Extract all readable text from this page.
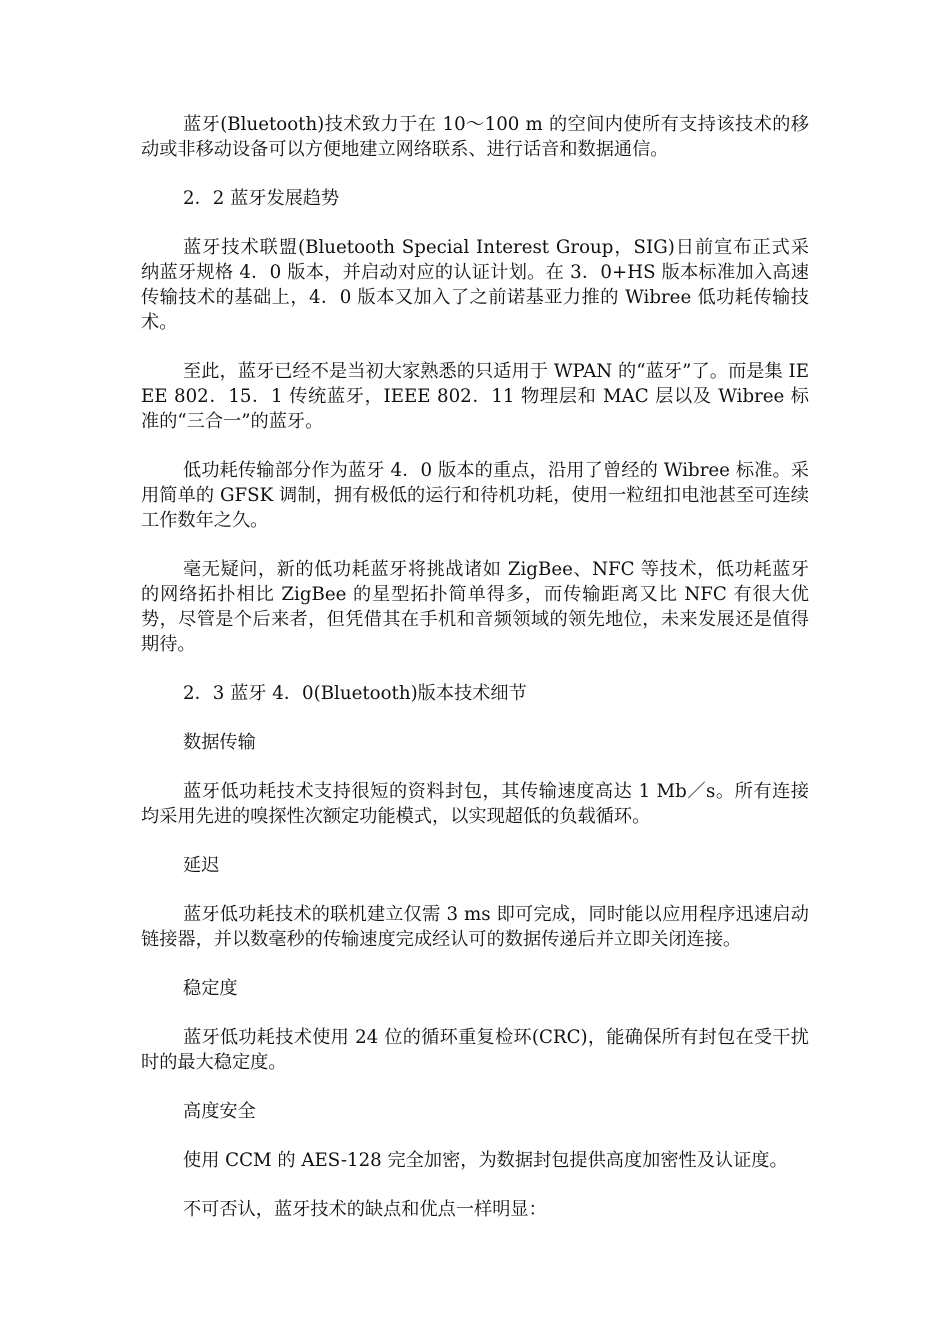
蓝牙(Bluetooth)技术致力于在 10～100 m 的空间内使所有支持该技术的移动或非移动设备可以方便地建立网络联系、进行话音和数据通信。

2．2 蓝牙发展趋势

蓝牙技术联盟(Bluetooth Special Interest Group，SIG)日前宣布正式采纳蓝牙规格 4．0 版本，并启动对应的认证计划。在 3．0+HS 版本标准加入高速传输技术的基础上，4．0 版本又加入了之前诺基亚力推的 Wibree 低功耗传输技术。

至此，蓝牙已经不是当初大家熟悉的只适用于 WPAN 的“蓝牙”了。而是集 IEEE 802．15．1 传统蓝牙，IEEE 802．11 物理层和 MAC 层以及 Wibree 标准的“三合一”的蓝牙。

低功耗传输部分作为蓝牙 4．0 版本的重点，沿用了曾经的 Wibree 标准。采用简单的 GFSK 调制，拥有极低的运行和待机功耗，使用一粒纽扣电池甚至可连续工作数年之久。

毫无疑问，新的低功耗蓝牙将挑战诸如 ZigBee、NFC 等技术，低功耗蓝牙的网络拓扑相比 ZigBee 的星型拓扑简单得多，而传输距离又比 NFC 有很大优势，尽管是个后来者，但凭借其在手机和音频领域的领先地位，未来发展还是值得期待。

2．3 蓝牙 4．0(Bluetooth)版本技术细节

数据传输

蓝牙低功耗技术支持很短的资料封包，其传输速度高达 1 Mb／s。所有连接均采用先进的嗅探性次额定功能模式，以实现超低的负载循环。

延迟

蓝牙低功耗技术的联机建立仅需 3 ms 即可完成，同时能以应用程序迅速启动链接器，并以数毫秒的传输速度完成经认可的数据传递后并立即关闭连接。

稳定度

蓝牙低功耗技术使用 24 位的循环重复检环(CRC)，能确保所有封包在受干扰时的最大稳定度。

高度安全

使用 CCM 的 AES-128 完全加密，为数据封包提供高度加密性及认证度。

不可否认，蓝牙技术的缺点和优点一样明显：
